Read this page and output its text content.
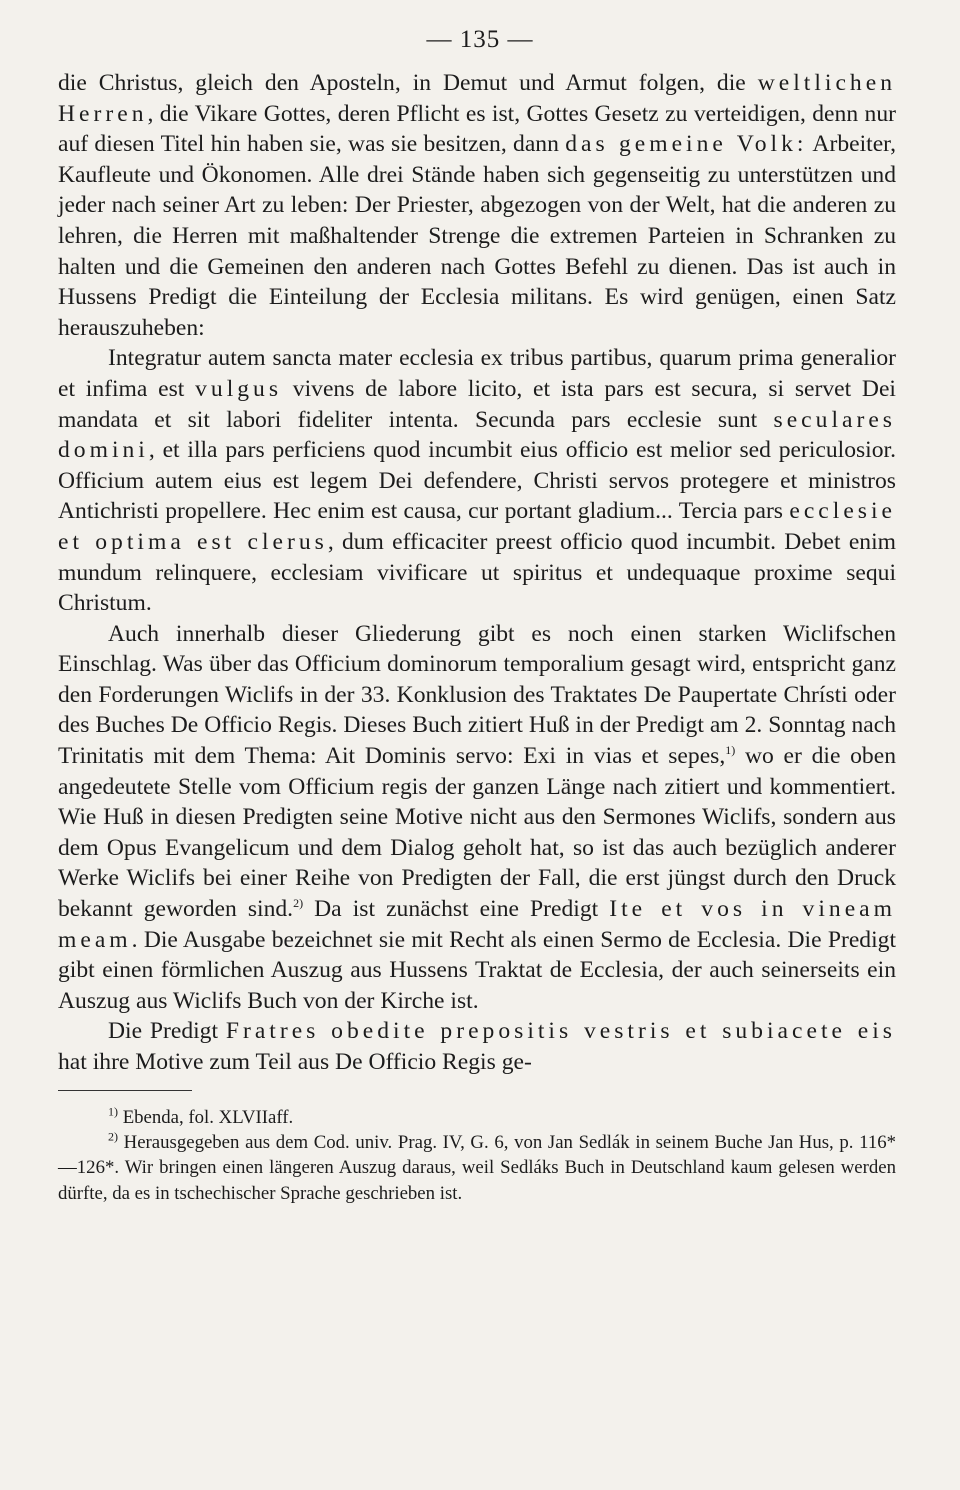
— 135 —

die Christus, gleich den Aposteln, in Demut und Armut folgen, die weltlichen Herren, die Vikare Gottes, deren Pflicht es ist, Gottes Gesetz zu verteidigen, denn nur auf diesen Titel hin haben sie, was sie besitzen, dann das gemeine Volk: Arbeiter, Kaufleute und Ökonomen. Alle drei Stände haben sich gegenseitig zu unterstützen und jeder nach seiner Art zu leben: Der Priester, abgezogen von der Welt, hat die anderen zu lehren, die Herren mit maßhaltender Strenge die extremen Parteien in Schranken zu halten und die Gemeinen den anderen nach Gottes Befehl zu dienen. Das ist auch in Hussens Predigt die Einteilung der Ecclesia militans. Es wird genügen, einen Satz herauszuheben:

Integratur autem sancta mater ecclesia ex tribus partibus, quarum prima generalior et infima est vulgus vivens de labore licito, et ista pars est secura, si servet Dei mandata et sit labori fideliter intenta. Secunda pars ecclesie sunt seculares domini, et illa pars perficiens quod incumbit eius officio est melior sed periculosior. Officium autem eius est legem Dei defendere, Christi servos protegere et ministros Antichristi propellere. Hec enim est causa, cur portant gladium... Tercia pars ecclesie et optima est clerus, dum efficaciter preest officio quod incumbit. Debet enim mundum relinquere, ecclesiam vivificare ut spiritus et undequaque proxime sequi Christum.

Auch innerhalb dieser Gliederung gibt es noch einen starken Wiclifschen Einschlag. Was über das Officium dominorum temporalium gesagt wird, entspricht ganz den Forderungen Wiclifs in der 33. Konklusion des Traktates De Paupertate Chrísti oder des Buches De Officio Regis. Dieses Buch zitiert Huß in der Predigt am 2. Sonntag nach Trinitatis mit dem Thema: Ait Dominis servo: Exi in vias et sepes,$^{1)}$ wo er die oben angedeutete Stelle vom Officium regis der ganzen Länge nach zitiert und kommentiert. Wie Huß in diesen Predigten seine Motive nicht aus den Sermones Wiclifs, sondern aus dem Opus Evangelicum und dem Dialog geholt hat, so ist das auch bezüglich anderer Werke Wiclifs bei einer Reihe von Predigten der Fall, die erst jüngst durch den Druck bekannt geworden sind.$^{2)}$ Da ist zunächst eine Predigt Ite et vos in vineam meam. Die Ausgabe bezeichnet sie mit Recht als einen Sermo de Ecclesia. Die Predigt gibt einen förmlichen Auszug aus Hussens Traktat de Ecclesia, der auch seinerseits ein Auszug aus Wiclifs Buch von der Kirche ist.

Die Predigt Fratres obedite prepositis vestris et subiacete eis hat ihre Motive zum Teil aus De Officio Regis ge-

$^{1)}$ Ebenda, fol. XLVIIaff.

$^{2)}$ Herausgegeben aus dem Cod. univ. Prag. IV, G. 6, von Jan Sedlák in seinem Buche Jan Hus, p. 116*—126*. Wir bringen einen längeren Auszug daraus, weil Sedláks Buch in Deutschland kaum gelesen werden dürfte, da es in tschechischer Sprache geschrieben ist.
